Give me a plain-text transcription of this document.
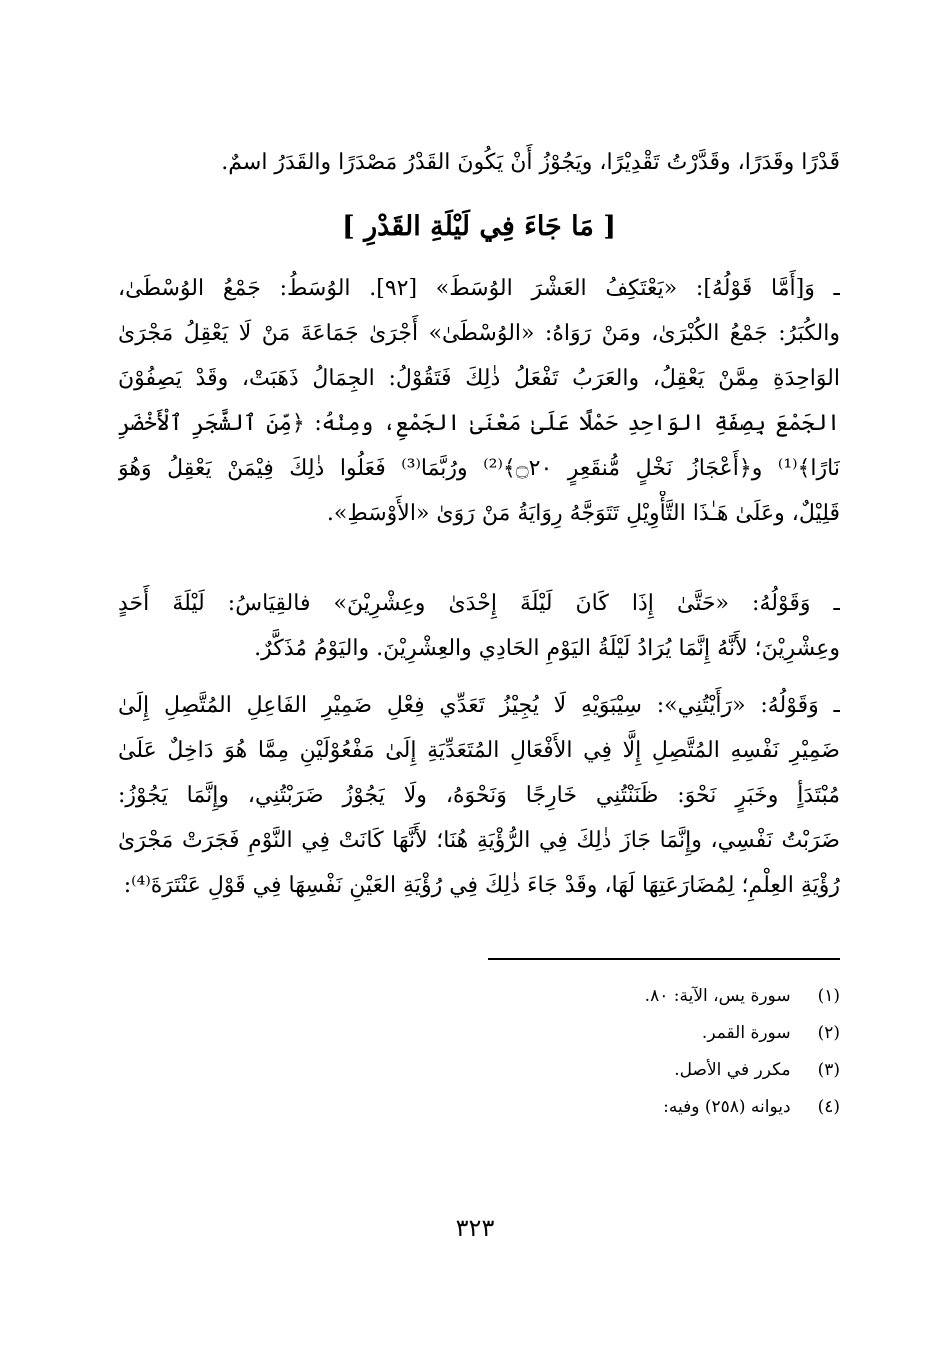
قَدْرًا وقَدَرًا، وقَدَّرْتُ تَقْدِيْرًا، ويَجُوْزُ أَنْ يَكُونَ القَدْرُ مَصْدَرًا والقَدَرُ اسمٌ.
[ مَا جَاءَ فِي لَيْلَةِ القَدْرِ ]
ـ وَ[أَمَّا قَوْلُهُ]: «يَعْتَكِفُ العَشْرَ الوُسَطَ» [٩٢]. الوُسَطُ: جَمْعُ الوُسْطَىٰ،
والكُبَرُ: جَمْعُ الكُبْرَىٰ، ومَنْ رَوَاهُ: «الوُسْطَىٰ» أَجْرَىٰ جَمَاعَةَ مَنْ لَا يَعْقِلُ مَجْرَىٰ
الوَاحِدَةِ مِمَّنْ يَعْقِلُ، والعَرَبُ تَفْعَلُ ذٰلِكَ فَتَقُوْلُ: الجِمَالُ ذَهَبَتْ، وقَدْ يَصِفُوْنَ
الجَمْعَ بِصِفَةِ الوَاحِدِ حَمْلًا عَلَىٰ مَعْنَىٰ الجَمْعِ، ومِنْهُ: ﴿مِّنَ ٱلشَّجَرِ ٱلْأَخْضَرِ
نَارًا﴾⁽¹⁾ و﴿أَعْجَازُ نَخْلٍ مُّنقَعِرٍ ۝٢٠﴾⁽²⁾ ورُبَّمَا⁽³⁾ فَعَلُوا ذٰلِكَ فِيْمَنْ يَعْقِلُ وَهُوَ
قَلِيْلٌ، وعَلَىٰ هَـٰذَا التَّأْوِيْلِ تَتَوَجَّهُ رِوَايَةُ مَنْ رَوَىٰ «الأَوْسَطِ».
ـ وَقَوْلُهُ: «حَتَّىٰ إِذَا كَانَ لَيْلَةَ إِحْدَىٰ وعِشْرِيْنَ» فالقِيَاسُ: لَيْلَةَ أَحَدٍ
وعِشْرِيْنَ؛ لأَنَّهُ إِنَّمَا يُرَادُ لَيْلَةُ اليَوْمِ الحَادِي والعِشْرِيْنَ. واليَوْمُ مُذَكَّرٌ.
ـ وَقَوْلُهُ: «رَأَيْتُنِي»: سِيْبَوَيْهِ لَا يُجِيْزُ تَعَدِّي فِعْلِ ضَمِيْرِ الفَاعِلِ المُتَّصِلِ إِلَىٰ
ضَمِيْرِ نَفْسِهِ المُتَّصِلِ إِلَّا فِي الأَفْعَالِ المُتَعَدِّيَةِ إِلَىٰ مَفْعُوْلَيْنِ مِمَّا هُوَ دَاخِلٌ عَلَىٰ
مُبْتَدَأٍ وخَبَرٍ نَحْوَ: ظَنَنْتُنِي خَارِجًا وَنَحْوَهُ، ولَا يَجُوْزُ ضَرَبْتُنِي، وإِنَّمَا يَجُوْزُ:
ضَرَبْتُ نَفْسِي، وإِنَّمَا جَازَ ذٰلِكَ فِي الرُّؤْيَةِ هُنَا؛ لأَنَّهَا كَانَتْ فِي النَّوْمِ فَجَرَتْ مَجْرَىٰ
رُؤْيَةِ العِلْمِ؛ لِمُضَارَعَتِهَا لَهَا، وقَدْ جَاءَ ذٰلِكَ فِي رُؤْيَةِ العَيْنِ نَفْسِهَا فِي قَوْلِ عَنْتَرَةَ⁽⁴⁾:
(١) سورة يس، الآية: ٨٠.
(٢) سورة القمر.
(٣) مكرر في الأصل.
(٤) ديوانه (٢٥٨) وفيه:
٣٢٣
